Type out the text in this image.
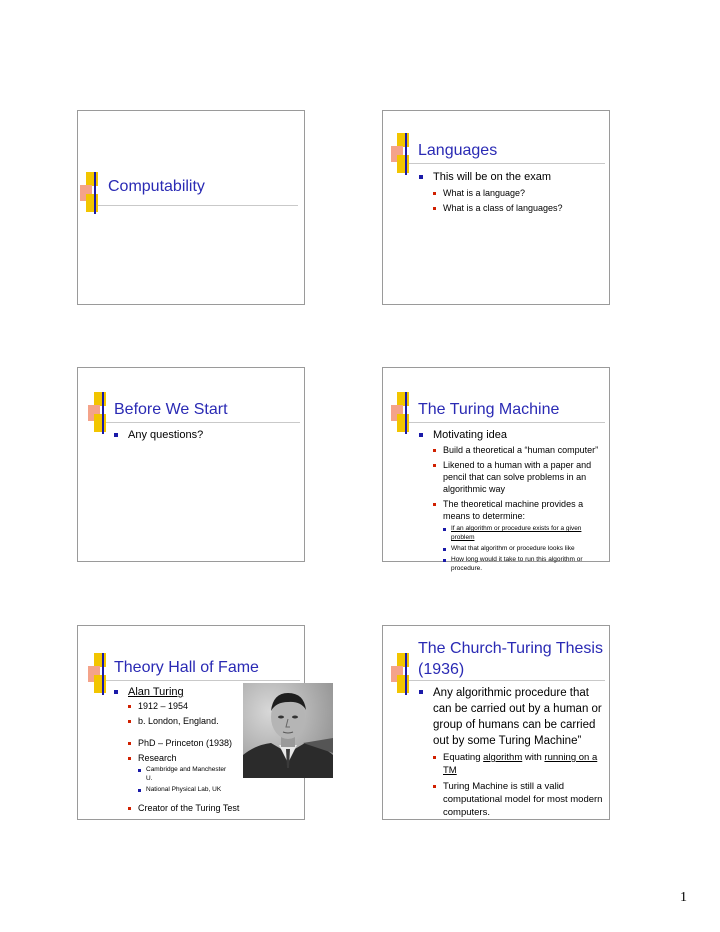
Computability
Languages
This will be on the exam
What is a language?
What is a class of languages?
Before We Start
Any questions?
The Turing Machine
Motivating idea
Build a theoretical a “human computer”
Likened to a human with a paper and pencil that can solve problems in an algorithmic way
The theoretical machine provides a means to determine:
If an algorithm or procedure exists for a given problem
What that algorithm or procedure looks like
How long would it take to run this algorithm or procedure.
Theory Hall of Fame
Alan Turing
1912 – 1954
b. London, England.
PhD – Princeton (1938)
Research
Cambridge and Manchester U.
National Physical Lab, UK
Creator of the Turing Test
The Church-Turing Thesis (1936)
Any algorithmic procedure that can be carried out by a human or group of humans can be carried out by some Turing Machine”
Equating algorithm with running on a TM
Turing Machine is still a valid computational model for most modern computers.
1
